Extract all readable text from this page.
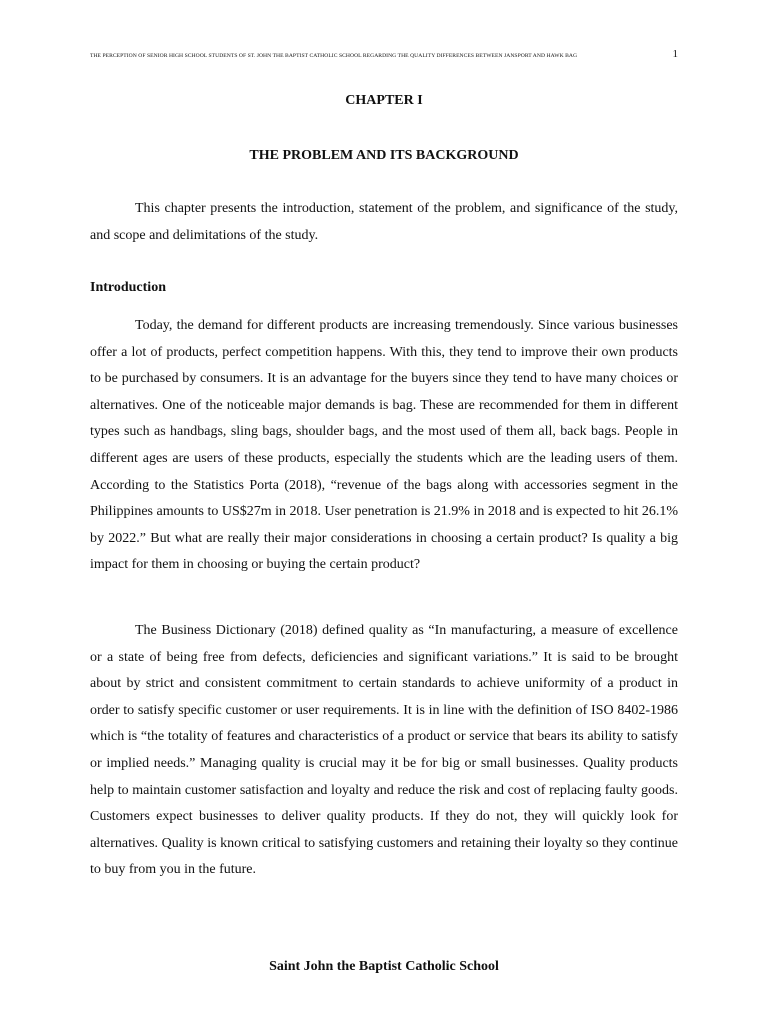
THE PERCEPTION OF SENIOR HIGH SCHOOL STUDENTS OF ST. JOHN THE BAPTIST CATHOLIC SCHOOL REGARDING THE QUALITY DIFFERENCES BETWEEN JANSPORT AND HAWK BAG	1
CHAPTER I
THE PROBLEM AND ITS BACKGROUND

This chapter presents the introduction, statement of the problem, and significance of the study, and scope and delimitations of the study.

Introduction

Today, the demand for different products are increasing tremendously. Since various businesses offer a lot of products, perfect competition happens. With this, they tend to improve their own products to be purchased by consumers. It is an advantage for the buyers since they tend to have many choices or alternatives. One of the noticeable major demands is bag. These are recommended for them in different types such as handbags, sling bags, shoulder bags, and the most used of them all, back bags. People in different ages are users of these products, especially the students which are the leading users of them. According to the Statistics Porta (2018), “revenue of the bags along with accessories segment in the Philippines amounts to US$27m in 2018. User penetration is 21.9% in 2018 and is expected to hit 26.1% by 2022.” But what are really their major considerations in choosing a certain product? Is quality a big impact for them in choosing or buying the certain product?

The Business Dictionary (2018) defined quality as “In manufacturing, a measure of excellence or a state of being free from defects, deficiencies and significant variations.” It is said to be brought about by strict and consistent commitment to certain standards to achieve uniformity of a product in order to satisfy specific customer or user requirements. It is in line with the definition of ISO 8402-1986 which is “the totality of features and characteristics of a product or service that bears its ability to satisfy or implied needs.” Managing quality is crucial may it be for big or small businesses. Quality products help to maintain customer satisfaction and loyalty and reduce the risk and cost of replacing faulty goods. Customers expect businesses to deliver quality products. If they do not, they will quickly look for alternatives. Quality is known critical to satisfying customers and retaining their loyalty so they continue to buy from you in the future.

Saint John the Baptist Catholic School
